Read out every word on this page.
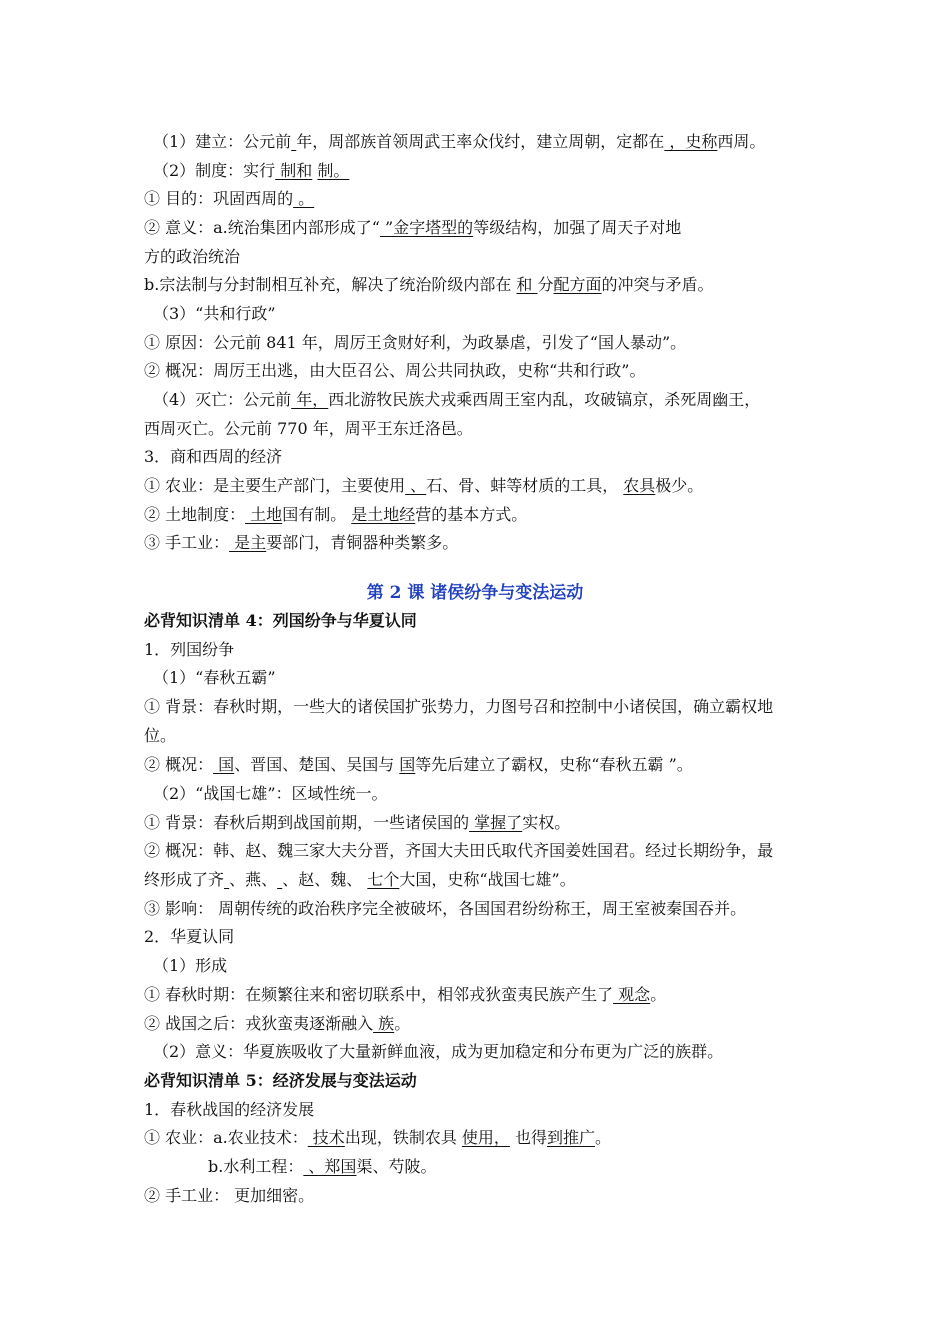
（1）建立：公元前 年，周部族首领周武王率众伐纣，建立周朝，定都在 ，史称西周。
（2）制度：实行 制和 制。
① 目的：巩固西周的 。
② 意义：a.统治集团内部形成了“ ”金字塔型的等级结构，加强了周天子对地
方的政治统治
b.宗法制与分封制相互补充，解决了统治阶级内部在 和 分配方面的冲突与矛盾。
（3）“共和行政”
① 原因：公元前 841 年，周厉王贪财好利，为政暴虐，引发了“国人暴动”。
② 概况：周厉王出逃，由大臣召公、周公共同执政，史称“共和行政”。
（4）灭亡：公元前 年，西北游牧民族犬戎乘西周王室内乱，攻破镐京，杀死周幽王，
西周灭亡。公元前 770 年，周平王东迁洛邑。
3．商和西周的经济
① 农业：是主要生产部门，主要使用 、石、骨、蚌等材质的工具， 农具极少。
② 土地制度： 土地国有制。 是土地经营的基本方式。
③ 手工业： 是主要部门，青铜器种类繁多。
第 2 课 诸侯纷争与变法运动
必背知识清单 4：列国纷争与华夏认同
1．列国纷争
（1）“春秋五霸”
① 背景：春秋时期，一些大的诸侯国扩张势力，力图号召和控制中小诸侯国，确立霸权地
位。
② 概况： 国、晋国、楚国、吴国与 国等先后建立了霸权，史称“春秋五霸 ”。
（2）“战国七雄”：区域性统一。
① 背景：春秋后期到战国前期，一些诸侯国的 掌握了实权。
② 概况：韩、赵、魏三家大夫分晋，齐国大夫田氏取代齐国姜姓国君。经过长期纷争，最
终形成了齐 、燕、 、赵、魏、 七个大国，史称“战国七雄”。
③ 影响： 周朝传统的政治秩序完全被破坏，各国国君纷纷称王，周王室被秦国吞并。
2．华夏认同
（1）形成
① 春秋时期：在频繁往来和密切联系中，相邻戎狄蛮夷民族产生了 观念。
② 战国之后：戎狄蛮夷逐渐融入 族。
（2）意义：华夏族吸收了大量新鲜血液，成为更加稳定和分布更为广泛的族群。
必背知识清单 5：经济发展与变法运动
1．春秋战国的经济发展
① 农业：a.农业技术： 技术出现，铁制农具 使用， 也得到推广。
b.水利工程： 、郑国渠、芍陂。
② 手工业： 更加细密。
